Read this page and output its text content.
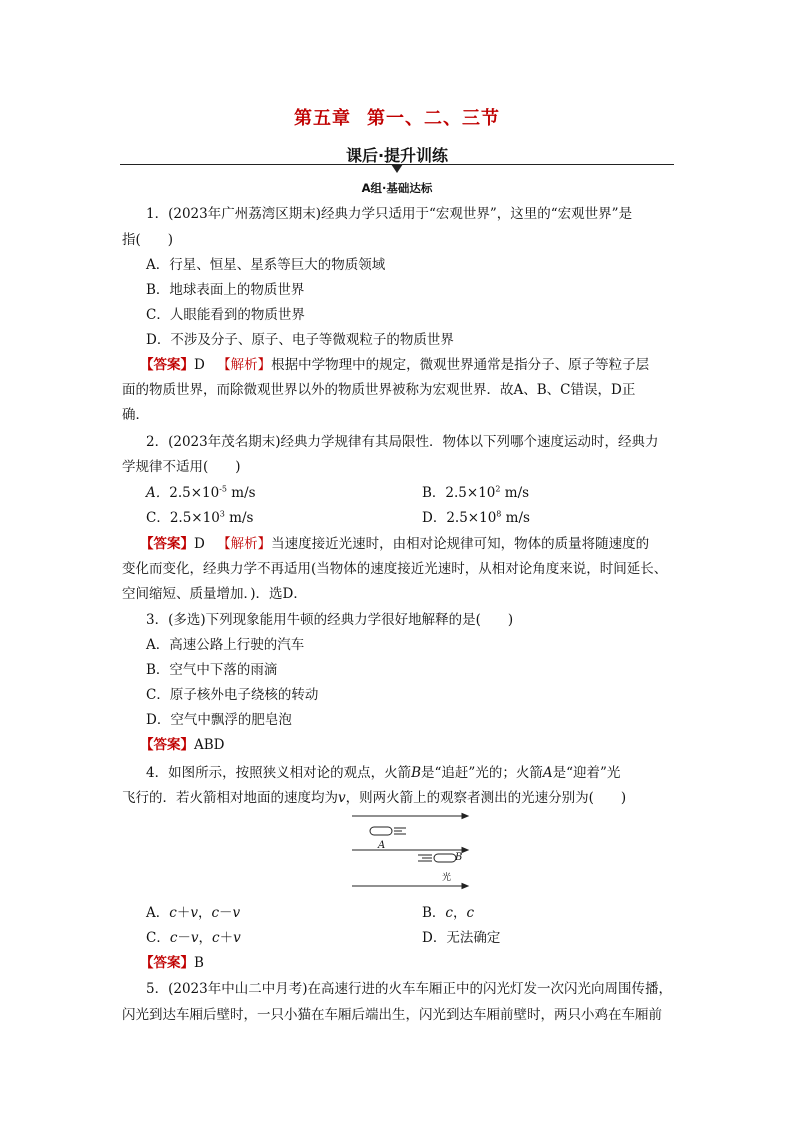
第五章 第一、二、三节
课后·提升训练
A组·基础达标
1．(2023年广州荔湾区期末)经典力学只适用于“宏观世界”，这里的“宏观世界”是
指(　　)
A．行星、恒星、星系等巨大的物质领域
B．地球表面上的物质世界
C．人眼能看到的物质世界
D．不涉及分子、原子、电子等微观粒子的物质世界
【答案】D 【解析】根据中学物理中的规定，微观世界通常是指分子、原子等粒子层
面的物质世界，而除微观世界以外的物质世界被称为宏观世界．故A、B、C错误，D正
确．
2．(2023年茂名期末)经典力学规律有其局限性．物体以下列哪个速度运动时，经典力
学规律不适用(　　)
A．$2.5\times 10^{-5}$ m/s	B．$2.5\times 10^2$ m/s
C．$2.5\times 10^3$ m/s	D．$2.5\times 10^8$ m/s
【答案】D 【解析】当速度接近光速时，由相对论规律可知，物体的质量将随速度的
变化而变化，经典力学不再适用(当物体的速度接近光速时，从相对论角度来说，时间延长、
空间缩短、质量增加．)．选D．
3．(多选)下列现象能用牛顿的经典力学很好地解释的是(　　)
A．高速公路上行驶的汽车
B．空气中下落的雨滴
C．原子核外电子绕核的转动
D．空气中飘浮的肥皂泡
【答案】ABD
4．如图所示，按照狭义相对论的观点，火箭B是“追赶”光的；火箭A是“迎着”光
飞行的．若火箭相对地面的速度均为v，则两火箭上的观察者测出的光速分别为(　　)
A
B
光
A．c＋v，c－v	B．c，c
C．c－v，c＋v	D．无法确定
【答案】B
5．(2023年中山二中月考)在高速行进的火车车厢正中的闪光灯发一次闪光向周围传播，
闪光到达车厢后壁时，一只小猫在车厢后端出生，闪光到达车厢前壁时，两只小鸡在车厢前
